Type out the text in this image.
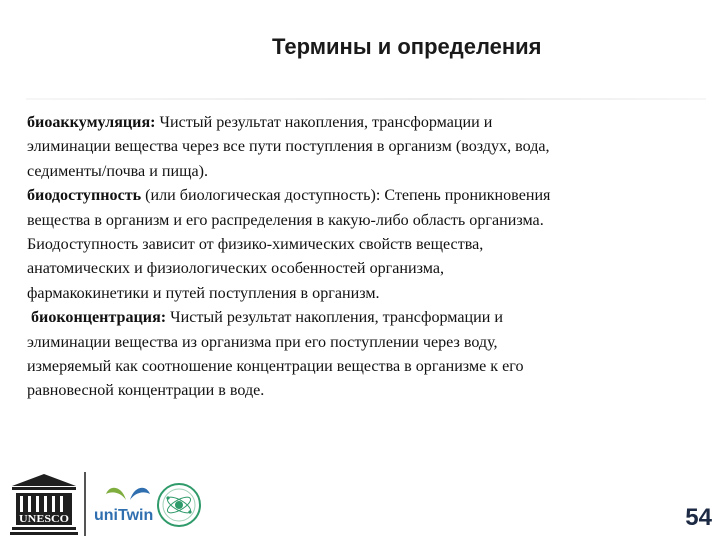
Термины и определения

биоаккумуляция: Чистый результат накопления, трансформации и
элиминации вещества через все пути поступления в организм (воздух, вода,
седименты/почва и пища).

биодоступность (или биологическая доступность): Степень проникновения
вещества в организм и его распределения в какую-либо область организма.
Биодоступность зависит от физико-химических свойств вещества,
анатомических и физиологических особенностей организма,
фармакокинетики и путей поступления в организм.

биоконцентрация: Чистый результат накопления, трансформации и
элиминации вещества из организма при его поступлении через воду,
измеряемый как соотношение концентрации вещества в организме к его
равновесной концентрации в воде.

UNESCO uniTwin	54
